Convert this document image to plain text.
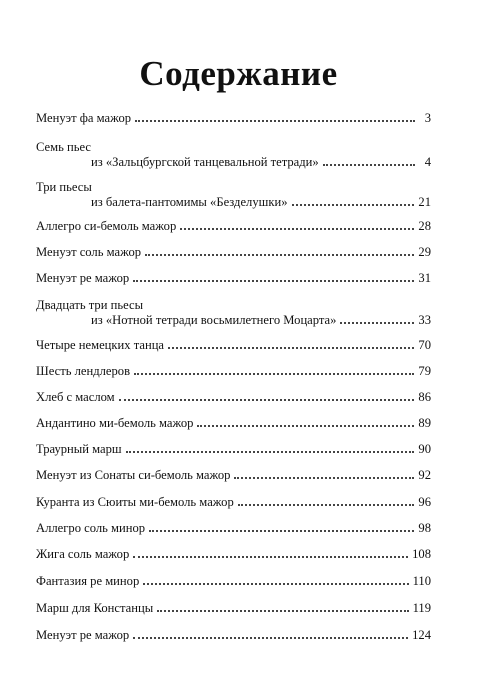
Содержание
Менуэт фа мажор	3
Семь пьес
из «Зальцбургской танцевальной тетради»	4
Три пьесы
из балета-пантомимы «Безделушки»	21
Аллегро си-бемоль мажор	28
Менуэт соль мажор	29
Менуэт ре мажор	31
Двадцать три пьесы
из «Нотной тетради восьмилетнего Моцарта»	33
Четыре немецких танца	70
Шесть лендлеров	79
Хлеб с маслом	86
Андантино ми-бемоль мажор	89
Траурный марш	90
Менуэт из Сонаты си-бемоль мажор	92
Куранта из Сюиты ми-бемоль мажор	96
Аллегро соль минор	98
Жига соль мажор	108
Фантазия ре минор	110
Марш для Констанцы	119
Менуэт ре мажор	124
